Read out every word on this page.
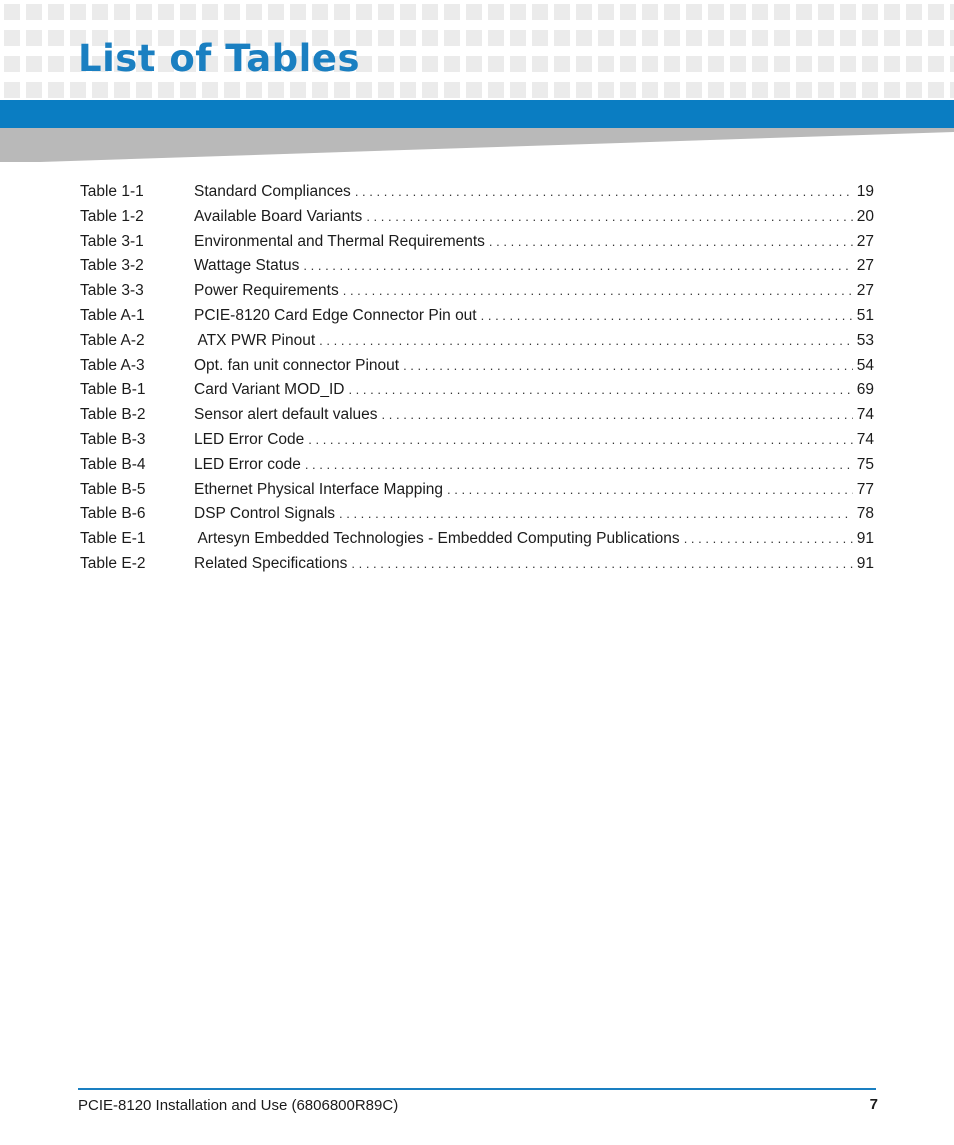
List of Tables
Table 1-1	Standard Compliances . . .	19
Table 1-2	Available Board Variants . . .	20
Table 3-1	Environmental and Thermal Requirements . . .	27
Table 3-2	Wattage Status . . .	27
Table 3-3	Power Requirements . . .	27
Table A-1	PCIE-8120 Card Edge Connector Pin out . . .	51
Table A-2	ATX PWR Pinout . . .	53
Table A-3	Opt. fan unit connector Pinout . . .	54
Table B-1	Card Variant MOD_ID . . .	69
Table B-2	Sensor alert default values . . .	74
Table B-3	LED Error Code . . .	74
Table B-4	LED Error code . . .	75
Table B-5	Ethernet Physical Interface Mapping . . .	77
Table B-6	DSP Control Signals . . .	78
Table E-1	Artesyn Embedded Technologies - Embedded Computing Publications . . .	91
Table E-2	Related Specifications . . .	91
PCIE-8120 Installation and Use (6806800R89C)	7
